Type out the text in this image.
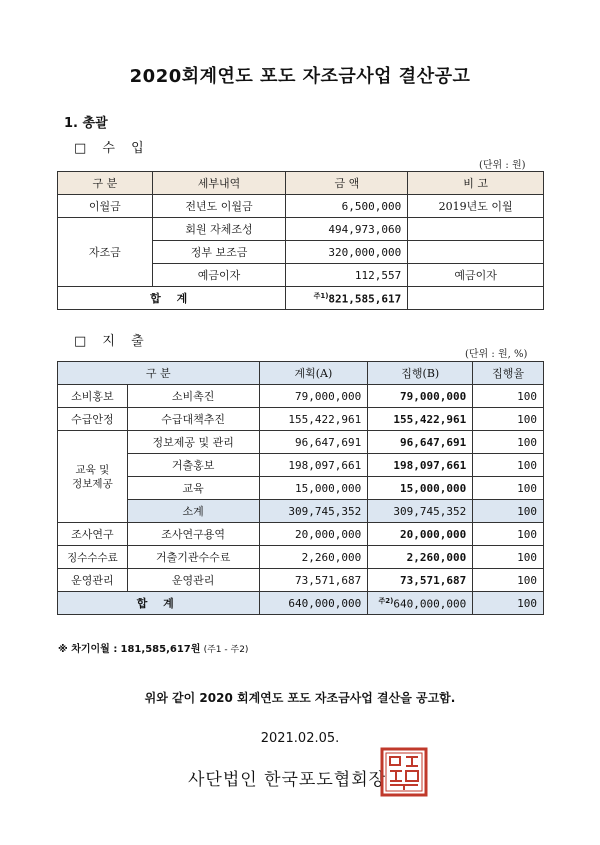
2020회계연도 포도 자조금사업 결산공고
1. 총괄
□ 수 입
(단위 : 원)
구 분	세부내역	금 액	비 고
이월금	전년도 이월금	6,500,000	2019년도 이월
자조금	회원 자체조성	494,973,060	
	정부 보조금	320,000,000	
	예금이자	112,557	예금이자
합 계		$^{주1)}$821,585,617	
□ 지 출
(단위 : 원, %)
구 분		계획(A)	집행(B)	집행율
소비홍보	소비촉진	79,000,000	79,000,000	100
수급안정	수급대책추진	155,422,961	155,422,961	100
교육 및
정보제공	정보제공 및 관리	96,647,691	96,647,691	100
	거출홍보	198,097,661	198,097,661	100
	교육	15,000,000	15,000,000	100
	소계	309,745,352	309,745,352	100
조사연구	조사연구용역	20,000,000	20,000,000	100
징수수수료	거출기관수수료	2,260,000	2,260,000	100
운영관리	운영관리	73,571,687	73,571,687	100
합 계		640,000,000	$^{주2)}$640,000,000	100
※ 차기이월 : 181,585,617원 (주1 - 주2)
위와 같이 2020 회계연도 포도 자조금사업 결산을 공고함.
2021.02.05.
사단법인 한국포도협회장
